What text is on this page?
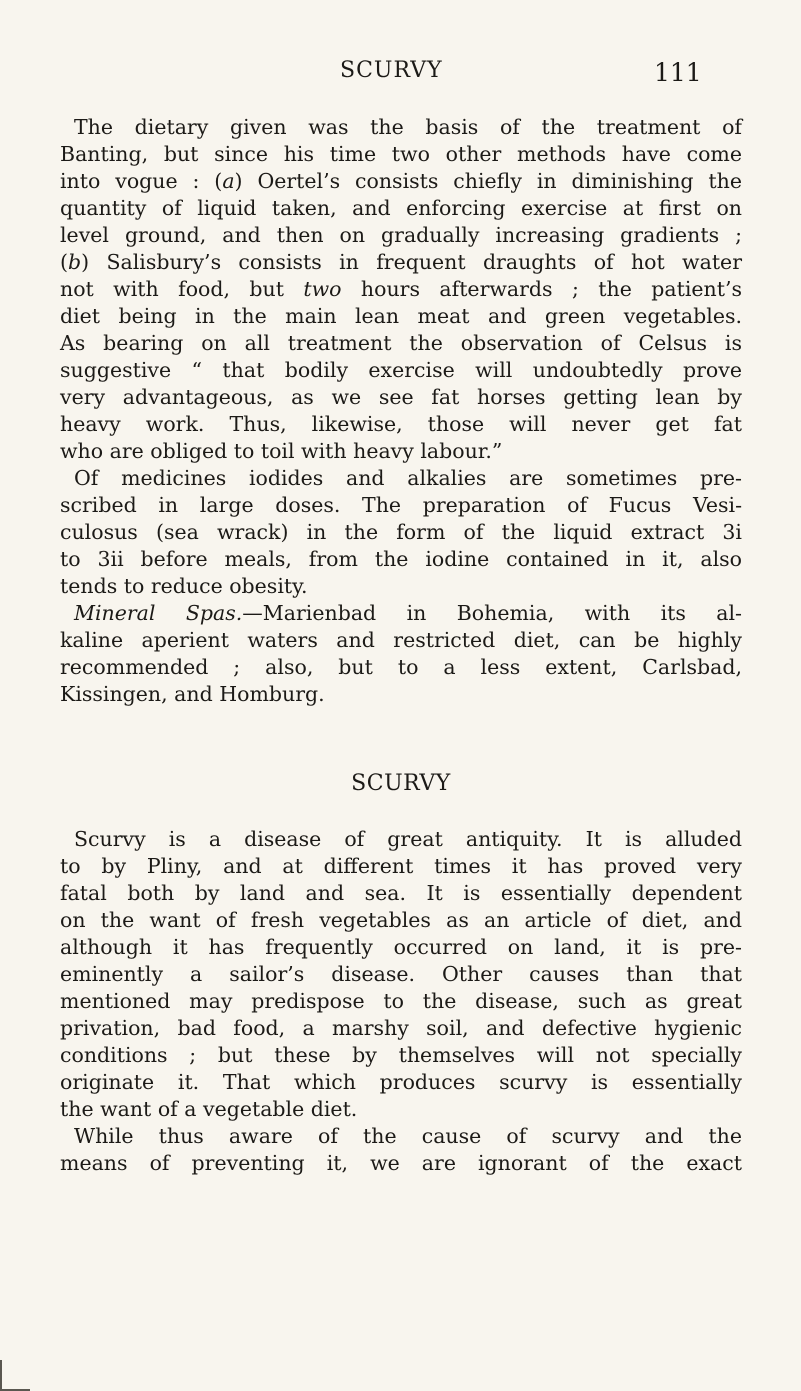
SCURVY	111
The dietary given was the basis of the treatment of
Banting, but since his time two other methods have come
into vogue : (a) Oertel’s consists chiefly in diminishing the
quantity of liquid taken, and enforcing exercise at first on
level ground, and then on gradually increasing gradients ;
(b) Salisbury’s consists in frequent draughts of hot water
not with food, but two hours afterwards ; the patient’s
diet being in the main lean meat and green vegetables.
As bearing on all treatment the observation of Celsus is
suggestive “ that bodily exercise will undoubtedly prove
very advantageous, as we see fat horses getting lean by
heavy work. Thus, likewise, those will never get fat
who are obliged to toil with heavy labour.”
Of medicines iodides and alkalies are sometimes pre-
scribed in large doses. The preparation of Fucus Vesi-
culosus (sea wrack) in the form of the liquid extract 3i
to 3ii before meals, from the iodine contained in it, also
tends to reduce obesity.
Mineral Spas.—Marienbad in Bohemia, with its al-
kaline aperient waters and restricted diet, can be highly
recommended ; also, but to a less extent, Carlsbad,
Kissingen, and Homburg.
SCURVY
Scurvy is a disease of great antiquity. It is alluded
to by Pliny, and at different times it has proved very
fatal both by land and sea. It is essentially dependent
on the want of fresh vegetables as an article of diet, and
although it has frequently occurred on land, it is pre-
eminently a sailor’s disease. Other causes than that
mentioned may predispose to the disease, such as great
privation, bad food, a marshy soil, and defective hygienic
conditions ; but these by themselves will not specially
originate it. That which produces scurvy is essentially
the want of a vegetable diet.
While thus aware of the cause of scurvy and the
means of preventing it, we are ignorant of the exact
